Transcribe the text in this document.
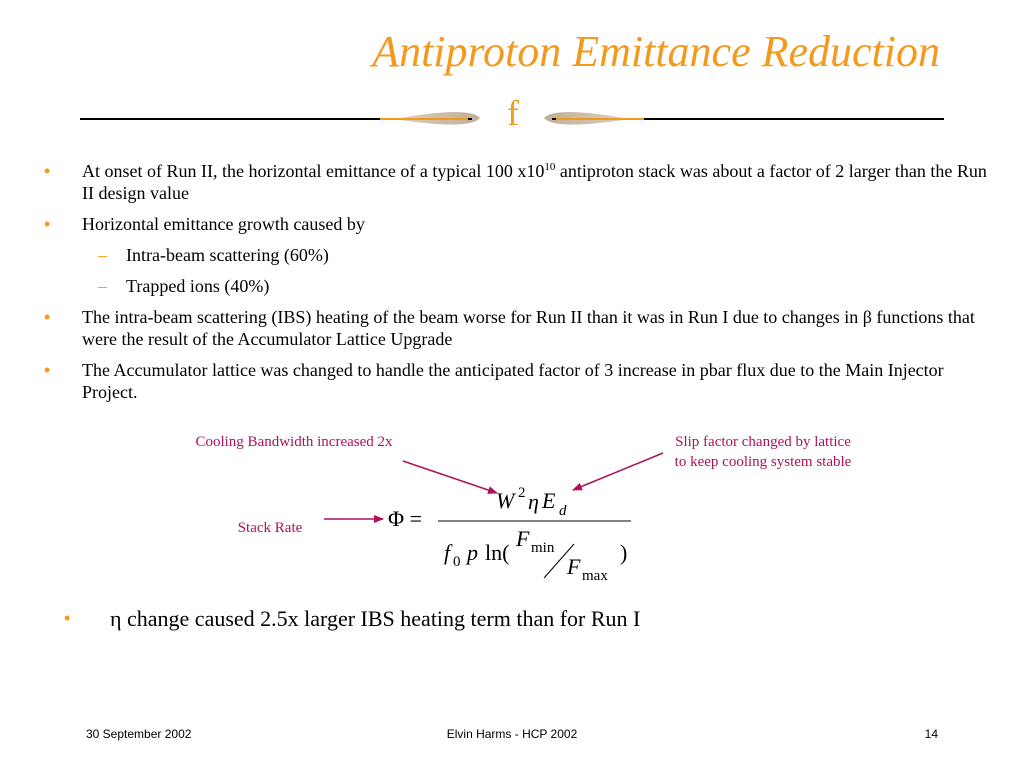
Antiproton Emittance Reduction
f
• At onset of Run II, the horizontal emittance of a typical 100 $x10^{10}$ antiproton stack was about a factor of 2 larger than the Run II design value
• Horizontal emittance growth caused by
– Intra-beam scattering (60%)
– Trapped ions (40%)
• The intra-beam scattering (IBS) heating of the beam worse for Run II than it was in Run I due to changes in β functions that were the result of the Accumulator Lattice Upgrade
• The Accumulator lattice was changed to handle the anticipated factor of 3 increase in pbar flux due to the Main Injector Project.
Cooling Bandwidth increased 2x	Slip factor changed by lattice to keep cooling system stable
Stack Rate	Φ =
W 2 η E d
f 0 p ln(
F min
F max
)
• η change caused 2.5x larger IBS heating term than for Run I
30 September 2002	Elvin Harms - HCP 2002	14
